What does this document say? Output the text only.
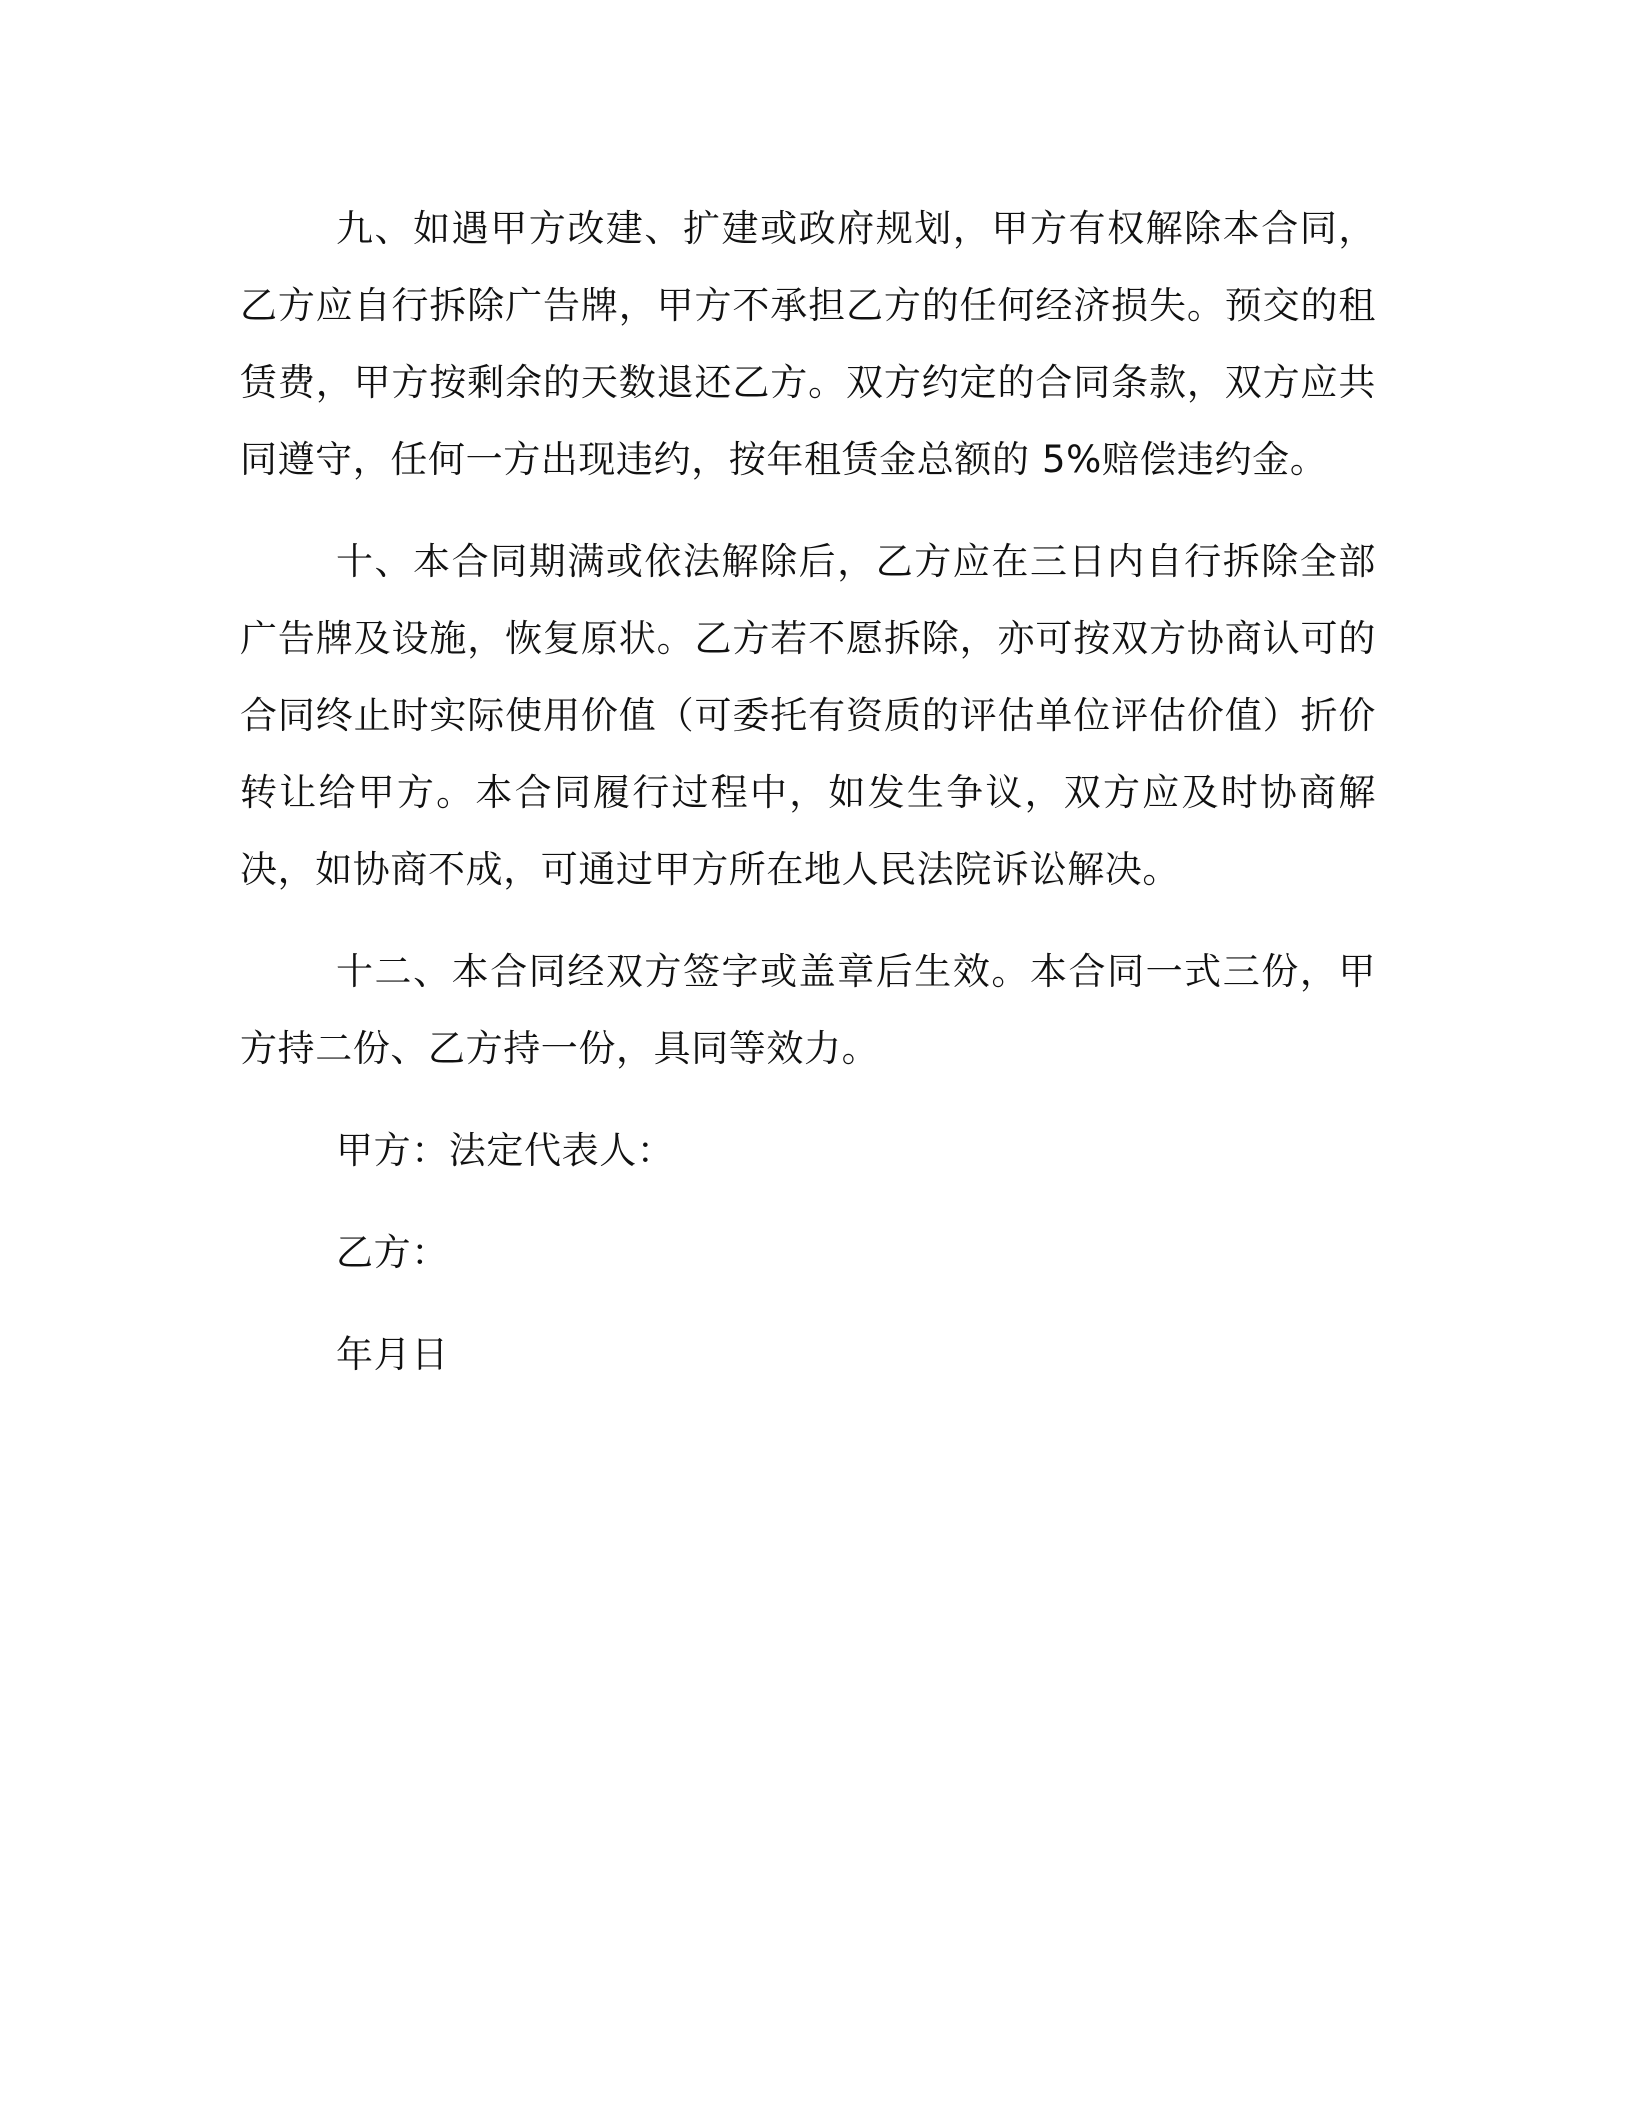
九、如遇甲方改建、扩建或政府规划，甲方有权解除本合同，乙方应自行拆除广告牌，甲方不承担乙方的任何经济损失。预交的租赁费，甲方按剩余的天数退还乙方。双方约定的合同条款，双方应共同遵守，任何一方出现违约，按年租赁金总额的 5%赔偿违约金。

十、本合同期满或依法解除后，乙方应在三日内自行拆除全部广告牌及设施，恢复原状。乙方若不愿拆除，亦可按双方协商认可的合同终止时实际使用价值（可委托有资质的评估单位评估价值）折价转让给甲方。本合同履行过程中，如发生争议，双方应及时协商解决，如协商不成，可通过甲方所在地人民法院诉讼解决。

十二、本合同经双方签字或盖章后生效。本合同一式三份，甲方持二份、乙方持一份，具同等效力。

甲方：法定代表人：
乙方：
年月日
